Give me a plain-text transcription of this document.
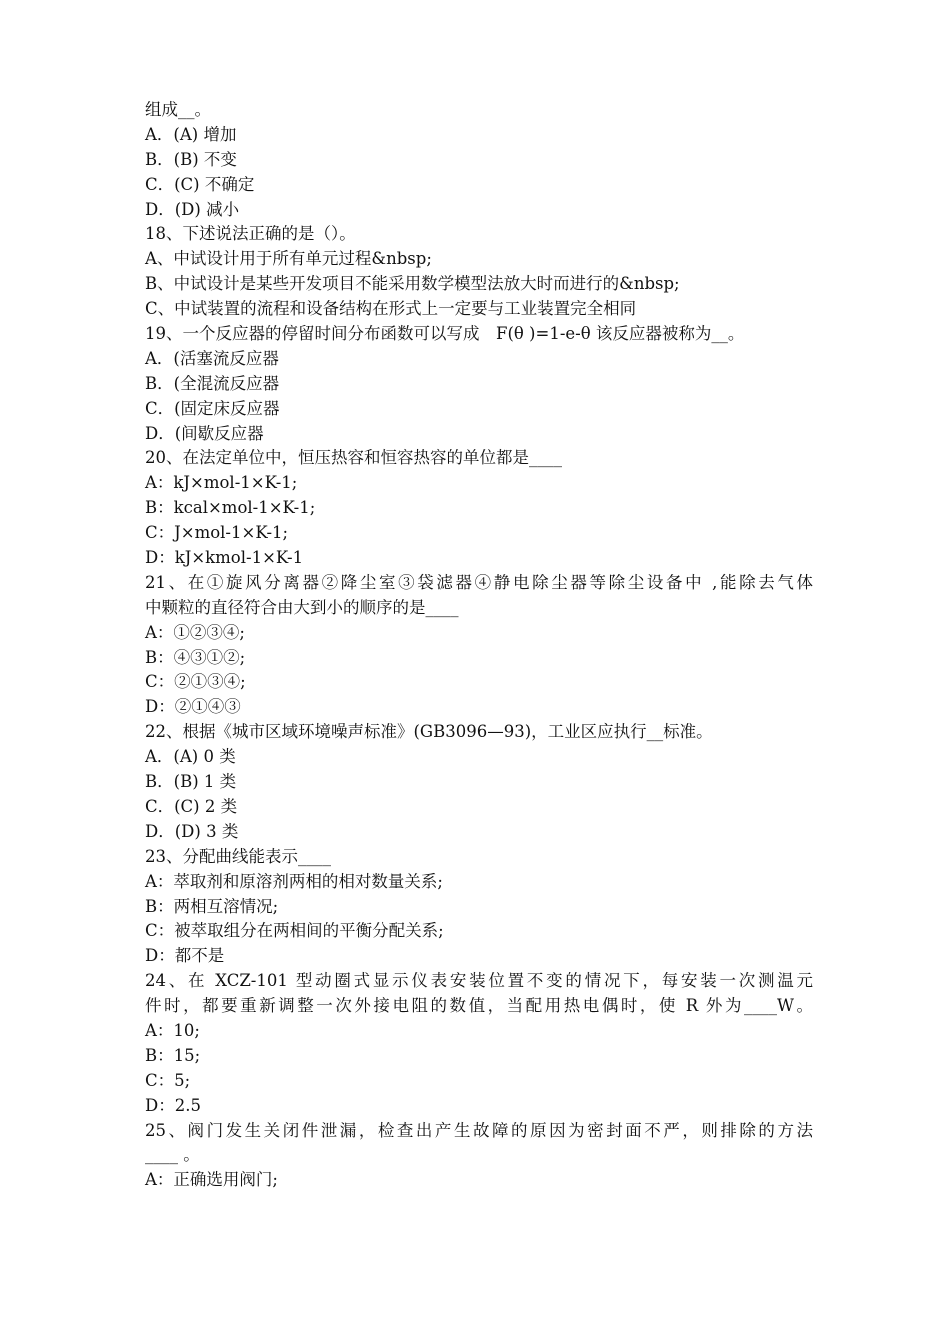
组成__。
A．(A) 增加
B．(B) 不变
C．(C) 不确定
D．(D) 减小
18、下述说法正确的是（）。
A、中试设计用于所有单元过程&nbsp;
B、中试设计是某些开发项目不能采用数学模型法放大时而进行的&nbsp;
C、中试装置的流程和设备结构在形式上一定要与工业装置完全相同
19、一个反应器的停留时间分布函数可以写成　F(θ )=1-e-θ 该反应器被称为__。
A．(活塞流反应器
B．(全混流反应器
C．(固定床反应器
D．(间歇反应器
20、在法定单位中，恒压热容和恒容热容的单位都是____
A：kJ×mol-1×K-1;
B：kcal×mol-1×K-1;
C：J×mol-1×K-1;
D：kJ×kmol-1×K-1
21、在①旋风分离器②降尘室③袋滤器④静电除尘器等除尘设备中 ,能除去气体
中颗粒的直径符合由大到小的顺序的是____
A：①②③④;
B：④③①②;
C：②①③④;
D：②①④③
22、根据《城市区域环境噪声标准》(GB3096—93)，工业区应执行__标准。
A．(A) 0 类
B．(B) 1 类
C．(C) 2 类
D．(D) 3 类
23、分配曲线能表示____
A：萃取剂和原溶剂两相的相对数量关系;
B：两相互溶情况;
C：被萃取组分在两相间的平衡分配关系;
D：都不是
24、在 XCZ-101 型动圈式显示仪表安装位置不变的情况下，每安装一次测温元
件时，都要重新调整一次外接电阻的数值，当配用热电偶时，使 R 外为____W。
A：10;
B：15;
C：5;
D：2.5
25、阀门发生关闭件泄漏，检查出产生故障的原因为密封面不严，则排除的方法
____ 。
A：正确选用阀门;
